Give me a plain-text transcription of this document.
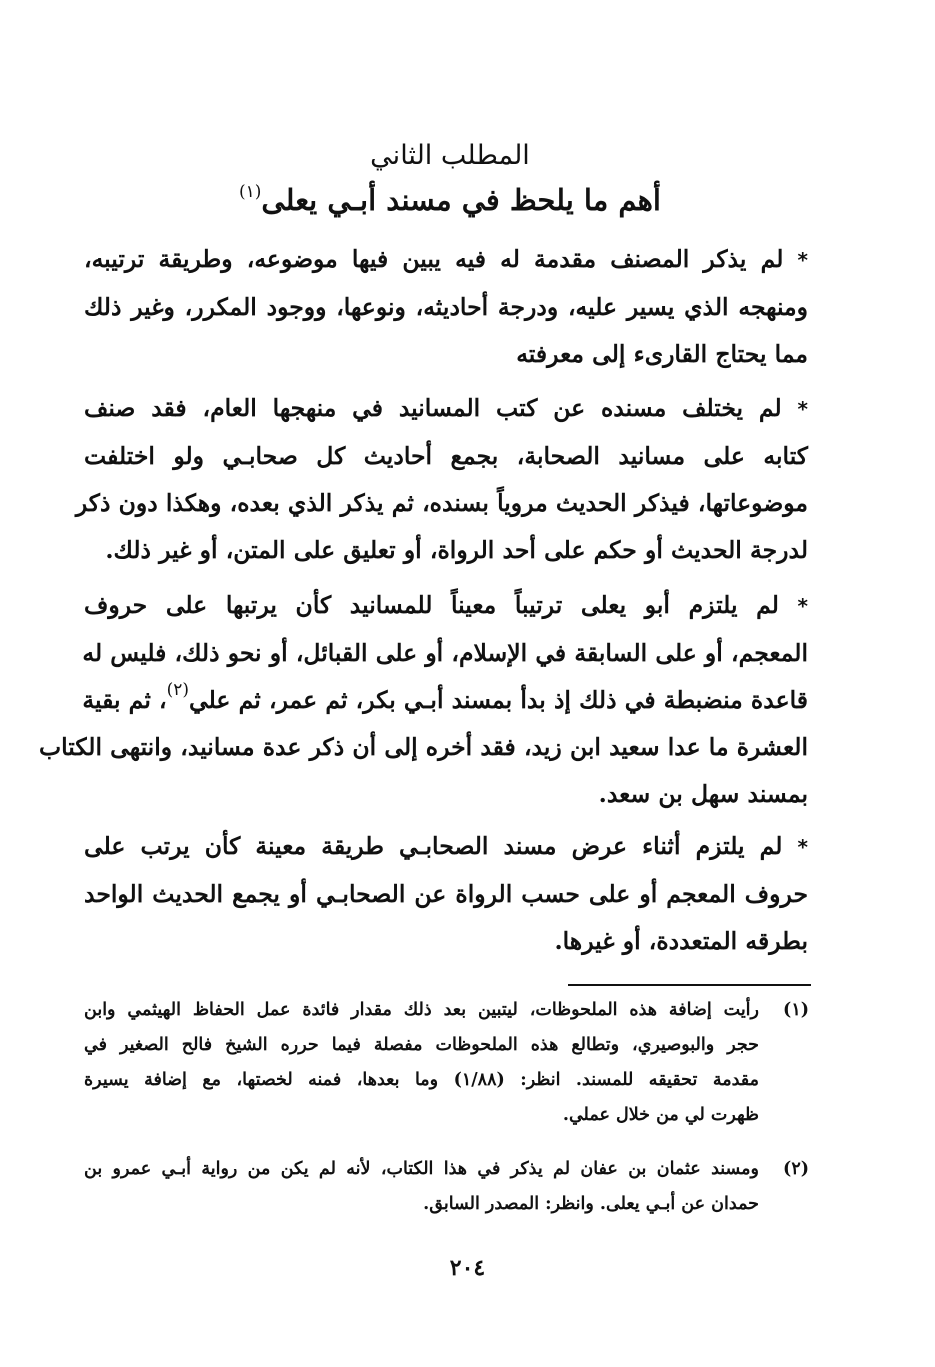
المطلب الثاني
أهم ما يلحظ في مسند أبـي يعلى$^{(١)}$
* لم يذكر المصنف مقدمة له فيه يبين فيها موضوعه، وطريقة ترتيبه،
ومنهجه الذي يسير عليه، ودرجة أحاديثه، ونوعها، ووجود المكرر، وغير ذلك
مما يحتاج القارىء إلى معرفته
* لم يختلف مسنده عن كتب المسانيد في منهجها العام، فقد صنف
كتابه على مسانيد الصحابة، بجمع أحاديث كل صحابـي ولو اختلفت
موضوعاتها، فيذكر الحديث مروياً بسنده، ثم يذكر الذي بعده، وهكذا دون ذكر
لدرجة الحديث أو حكم على أحد الرواة، أو تعليق على المتن، أو غير ذلك.
* لم يلتزم أبو يعلى ترتيباً معيناً للمسانيد كأن يرتبها على حروف
المعجم، أو على السابقة في الإسلام، أو على القبائل، أو نحو ذلك، فليس له
قاعدة منضبطة في ذلك إذ بدأ بمسند أبـي بكر، ثم عمر، ثم علي$^{(٢)}$، ثم بقية
العشرة ما عدا سعيد ابن زيد، فقد أخره إلى أن ذكر عدة مسانيد، وانتهى الكتاب
بمسند سهل بن سعد.
* لم يلتزم أثناء عرض مسند الصحابـي طريقة معينة كأن يرتب على
حروف المعجم أو على حسب الرواة عن الصحابـي أو يجمع الحديث الواحد
بطرقه المتعددة، أو غيرها.
(١)
رأيت إضافة هذه الملحوظات، ليتبين بعد ذلك مقدار فائدة عمل الحفاظ الهيثمي وابن
حجر والبوصيري، وتطالع هذه الملحوظات مفصلة فيما حرره الشيخ فالح الصغير في
مقدمة تحقيقه للمسند. انظر: (١/٨٨) وما بعدها، فمنه لخصتها، مع إضافة يسيرة
ظهرت لي من خلال عملي.
(٢)
ومسند عثمان بن عفان لم يذكر في هذا الكتاب، لأنه لم يكن من رواية أبـي عمرو بن
حمدان عن أبـي يعلى. وانظر: المصدر السابق.
٢٠٤
